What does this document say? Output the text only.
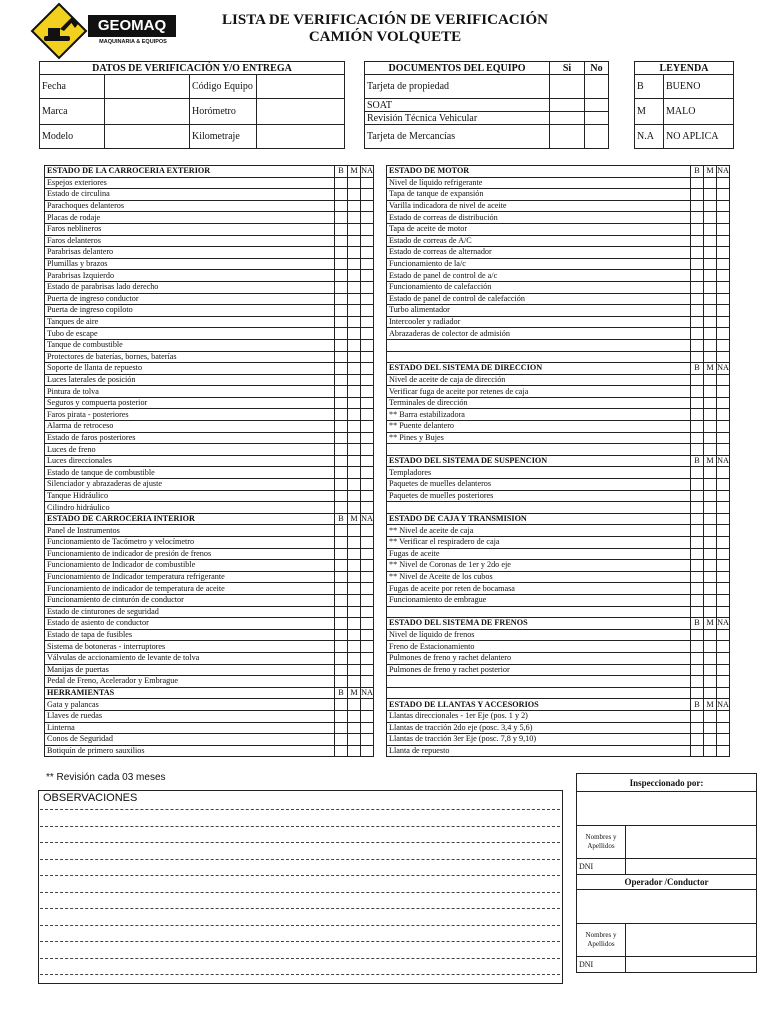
GEOMAQ
MAQUINARIA & EQUIPOS
LISTA DE VERIFICACIÓN DE VERIFICACIÓN
CAMIÓN VOLQUETE
DATOS DE VERIFICACIÓN Y/O ENTREGA			
Fecha		Código Equipo	
Marca		Horómetro	
Modelo		Kilometraje	
DOCUMENTOS DEL EQUIPO	Si	No
Tarjeta de propiedad		
SOAT		
Revisión Técnica Vehicular		
Tarjeta de Mercancías		
LEYENDA	
B	BUENO
M	MALO
N.A	NO APLICA
ESTADO DE LA CARROCERIA EXTERIOR	B	M	NA
Espejos exteriores			
Estado de circulina			
Parachoques delanteros			
Placas de rodaje			
Faros neblineros			
Faros delanteros			
Parabrisas delantero			
Plumillas y brazos			
Parabrisas Izquierdo			
Estado de parabrisas lado derecho			
Puerta de ingreso conductor			
Puerta de ingreso copiloto			
Tanques de aire			
Tubo de escape			
Tanque de combustible			
Protectores de baterías, bornes, baterías			
Soporte de llanta de repuesto			
Luces laterales de posición			
Pintura de tolva			
Seguros y compuerta posterior			
Faros pirata - posteriores			
Alarma de retroceso			
Estado de faros posteriores			
Luces de freno			
Luces direccionales			
Estado de tanque de combustible			
Silenciador y abrazaderas de ajuste			
Tanque Hidráulico			
Cilindro hidráulico			
ESTADO DE CARROCERIA INTERIOR	B	M	NA
Panel de Instrumentos			
Funcionamiento de Tacómetro y velocímetro			
Funcionamiento de indicador de presión de frenos			
Funcionamiento de Indicador de combustible			
Funcionamiento de Indicador temperatura refrigerante			
Funcionamiento de indicador de temperatura de aceite			
Funcionamiento de cinturón de conductor			
Estado de cinturones de seguridad			
Estado de asiento de conductor			
Estado de tapa de fusibles			
Sistema de botoneras - interruptores			
Válvulas de accionamiento de levante de tolva			
Manijas de puertas			
Pedal de Freno, Acelerador y Embrague			
HERRAMIENTAS	B	M	NA
Gata y palancas			
Llaves de ruedas			
Linterna			
Conos de Seguridad			
Botiquín de primero sauxilios			
ESTADO DE MOTOR	B	M	NA
Nivel de líquido refrigerante			
Tapa de tanque de expansión			
Varilla indicadora de nivel de aceite			
Estado de correas de distribución			
Tapa de aceite de motor			
Estado de correas de A/C			
Estado de correas de alternador			
Funcionamiento de la/c			
Estado de panel de control de a/c			
Funcionamiento de calefacción			
Estado de panel de control de calefacción			
Turbo alimentador			
Intercooler y radiador			
Abrazaderas de colector de admisión			

ESTADO DEL SISTEMA DE DIRECCION	B	M	NA
Nivel de aceite de caja de dirección			
Verificar fuga de aceite por retenes de caja			
Terminales de dirección			
** Barra estabilizadora			
** Puente delantero			
** Pines y Bujes			

ESTADO DEL SISTEMA DE SUSPENCION	B	M	NA
Templadores			
Paquetes de muelles delanteros			
Paquetes de muelles posteriores			

ESTADO DE CAJA Y TRANSMISION			
** Nivel de aceite de caja			
** Verificar el respiradero de caja			
Fugas de aceite			
** Nivel de Coronas de 1er y 2do eje			
** Nivel de Aceite de los cubos			
Fugas de aceite por reten de bocamasa			
Funcionamiento de embrague			

ESTADO DEL SISTEMA DE FRENOS	B	M	NA
Nivel de líquido de frenos			
Freno de Estacionamiento			
Pulmones de freno y rachet delantero			
Pulmones de freno y rachet posterior			

ESTADO DE LLANTAS Y ACCESORIOS	B	M	NA
Llantas direccionales - 1er Eje (pos. 1 y 2)			
Llantas de tracción 2do eje (posc. 3,4 y 5,6)			
Llantas de tracción 3er Eje (posc. 7,8 y 9,10)			
Llanta de repuesto			
** Revisión cada 03 meses
OBSERVACIONES
Inspeccionado por:	

Nombres y Apellidos	
DNI	
Operador /Conductor	

Nombres y Apellidos	
DNI	
